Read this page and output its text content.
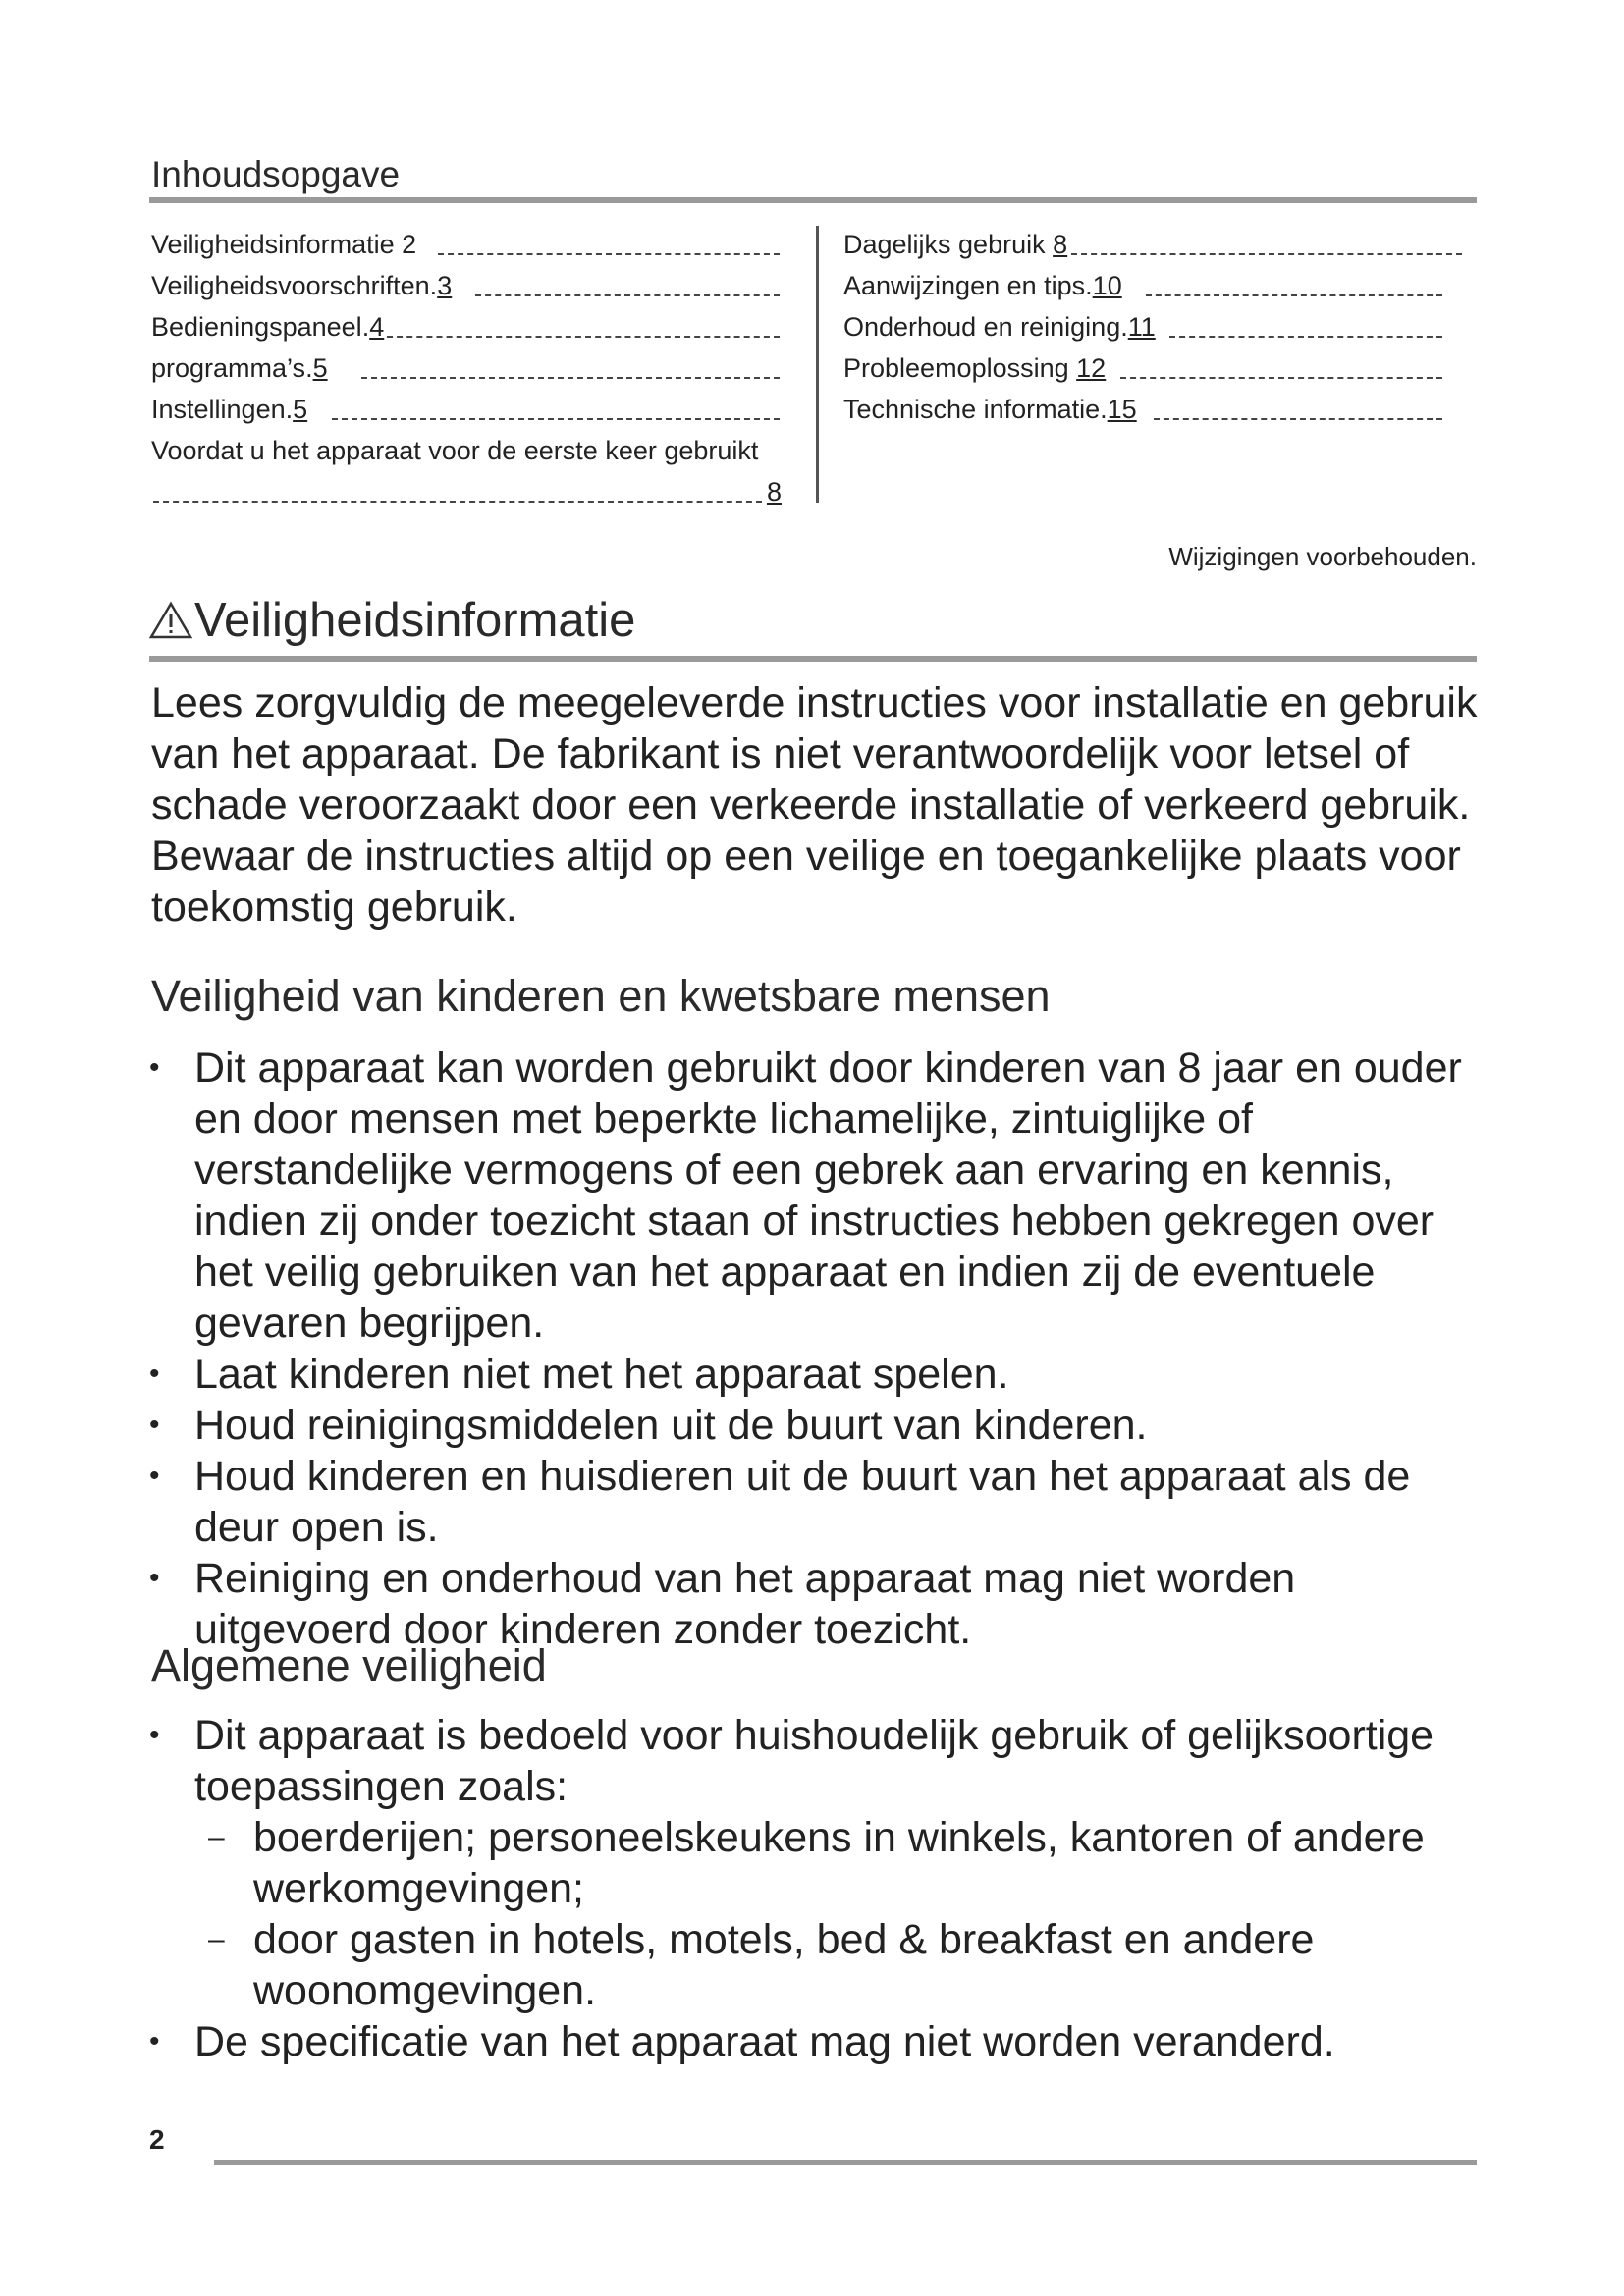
Inhoudsopgave
Veiligheidsinformatie 2
Veiligheidsvoorschriften.3
Bedieningspaneel.4
programma’s.5
Instellingen.5
Voordat u het apparaat voor de eerste keer gebruikt
8
Dagelijks gebruik 8
Aanwijzingen en tips.10
Onderhoud en reiniging.11
Probleemoplossing 12
Technische informatie.15
Wijzigingen voorbehouden.
Veiligheidsinformatie
Lees zorgvuldig de meegeleverde instructies voor installatie en gebruik van het apparaat. De fabrikant is niet verantwoordelijk voor letsel of schade veroorzaakt door een verkeerde installatie of verkeerd gebruik. Bewaar de instructies altijd op een veilige en toegankelijke plaats voor toekomstig gebruik.
Veiligheid van kinderen en kwetsbare mensen
• Dit apparaat kan worden gebruikt door kinderen van 8 jaar en ouder en door mensen met beperkte lichamelijke, zintuiglijke of verstandelijke vermogens of een gebrek aan ervaring en kennis, indien zij onder toezicht staan of instructies hebben gekregen over het veilig gebruiken van het apparaat en indien zij de eventuele gevaren begrijpen.
• Laat kinderen niet met het apparaat spelen.
• Houd reinigingsmiddelen uit de buurt van kinderen.
• Houd kinderen en huisdieren uit de buurt van het apparaat als de deur open is.
• Reiniging en onderhoud van het apparaat mag niet worden uitgevoerd door kinderen zonder toezicht.
Algemene veiligheid
• Dit apparaat is bedoeld voor huishoudelijk gebruik of gelijksoortige toepassingen zoals:
– boerderijen; personeelskeukens in winkels, kantoren of andere werkomgevingen;
– door gasten in hotels, motels, bed & breakfast en andere woonomgevingen.
• De specificatie van het apparaat mag niet worden veranderd.
2
